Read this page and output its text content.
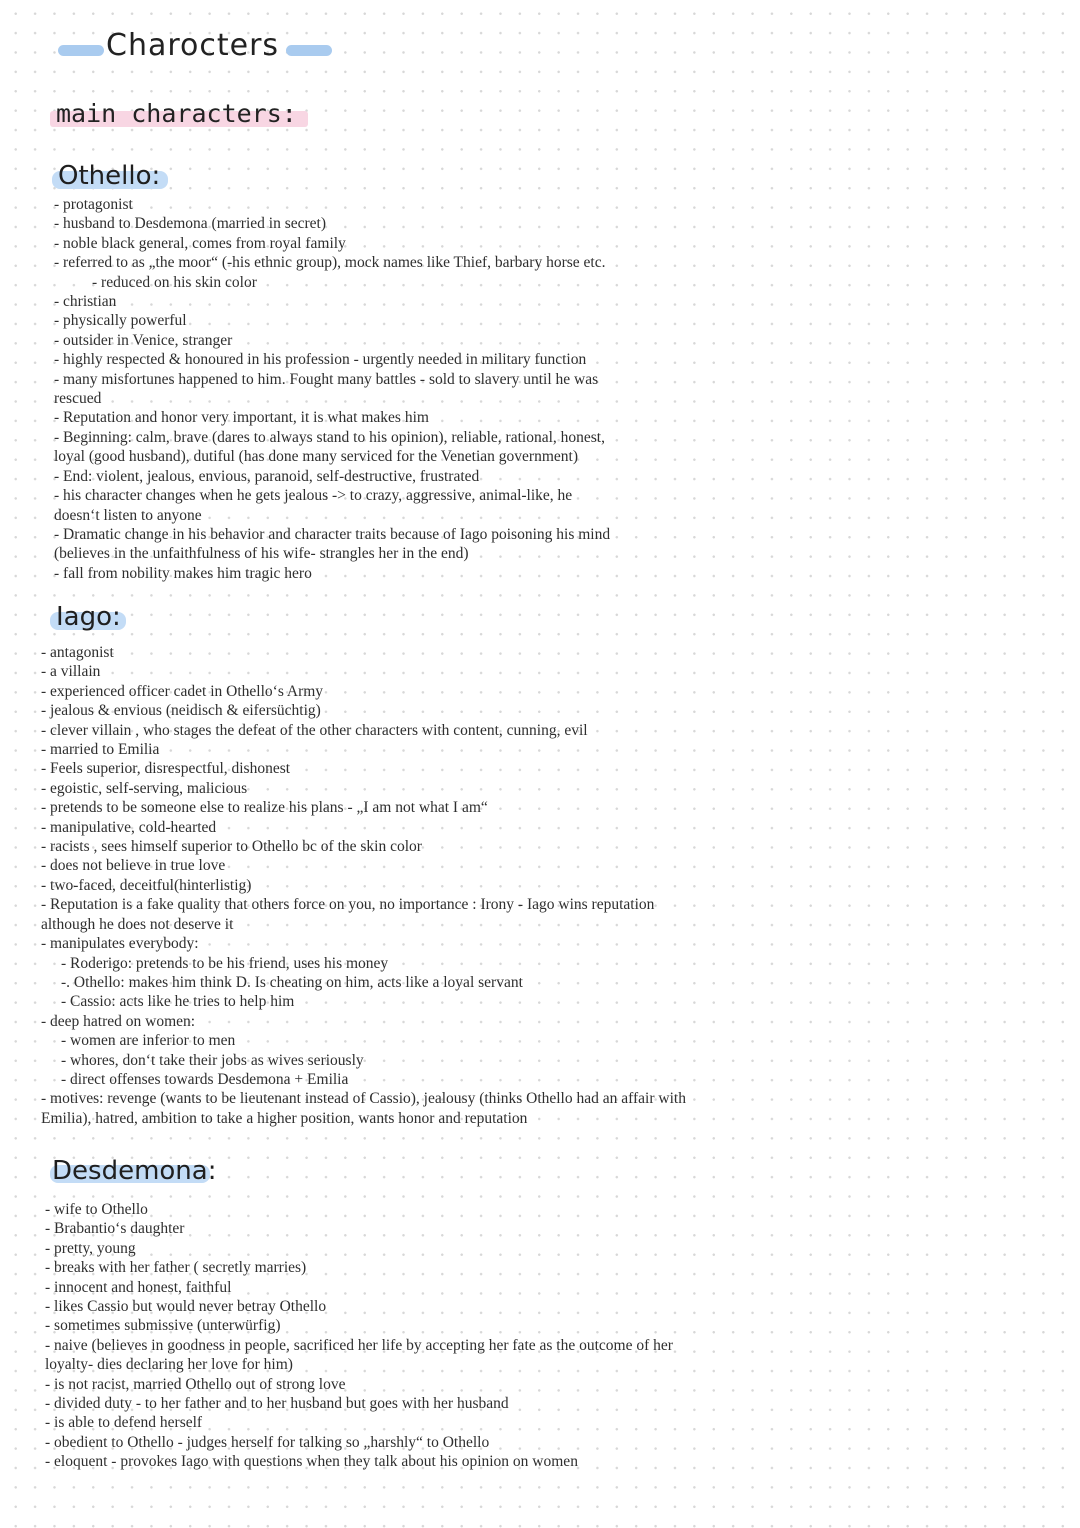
Charocters
main characters:
Othello:
- protagonist
- husband to Desdemona (married in secret)
- noble black general, comes from royal family
- referred to as „the moor“ (-his ethnic group), mock names like Thief, barbary horse etc.
- reduced on his skin color
- christian
- physically powerful
- outsider in Venice, stranger
- highly respected & honoured in his profession - urgently needed in military function
- many misfortunes happened to him. Fought many battles - sold to slavery until he was
rescued
- Reputation and honor very important, it is what makes him
- Beginning: calm, brave (dares to always stand to his opinion), reliable, rational, honest,
loyal (good husband), dutiful (has done many serviced for the Venetian government)
- End: violent, jealous, envious, paranoid, self-destructive, frustrated
- his character changes when he gets jealous -> to crazy, aggressive, animal-like, he
doesn‘t listen to anyone
- Dramatic change in his behavior and character traits because of Iago poisoning his mind
(believes in the unfaithfulness of his wife- strangles her in the end)
- fall from nobility makes him tragic hero
Iago:
- antagonist
- a villain
- experienced officer cadet in Othello‘s Army
- jealous & envious (neidisch & eifersüchtig)
- clever villain , who stages the defeat of the other characters with content, cunning, evil
- married to Emilia
- Feels superior, disrespectful, dishonest
- egoistic, self-serving, malicious
- pretends to be someone else to realize his plans - „I am not what I am“
- manipulative, cold-hearted
- racists , sees himself superior to Othello bc of the skin color
- does not believe in true love
- two-faced, deceitful(hinterlistig)
- Reputation is a fake quality that others force on you, no importance : Irony - Iago wins reputation
although he does not deserve it
- manipulates everybody:
- Roderigo: pretends to be his friend, uses his money
-. Othello: makes him think D. Is cheating on him, acts like a loyal servant
- Cassio: acts like he tries to help him
- deep hatred on women:
- women are inferior to men
- whores, don‘t take their jobs as wives seriously
- direct offenses towards Desdemona + Emilia
- motives: revenge (wants to be lieutenant instead of Cassio), jealousy (thinks Othello had an affair with
Emilia), hatred, ambition to take a higher position, wants honor and reputation
Desdemona:
- wife to Othello
- Brabantio‘s daughter
- pretty, young
- breaks with her father ( secretly marries)
- innocent and honest, faithful
- likes Cassio but would never betray Othello
- sometimes submissive (unterwürfig)
- naive (believes in goodness in people, sacrificed her life by accepting her fate as the outcome of her
loyalty- dies declaring her love for him)
- is not racist, married Othello out of strong love
- divided duty - to her father and to her husband but goes with her husband
- is able to defend herself
- obedient to Othello - judges herself for talking so „harshly“ to Othello
- eloquent - provokes Iago with questions when they talk about his opinion on women
